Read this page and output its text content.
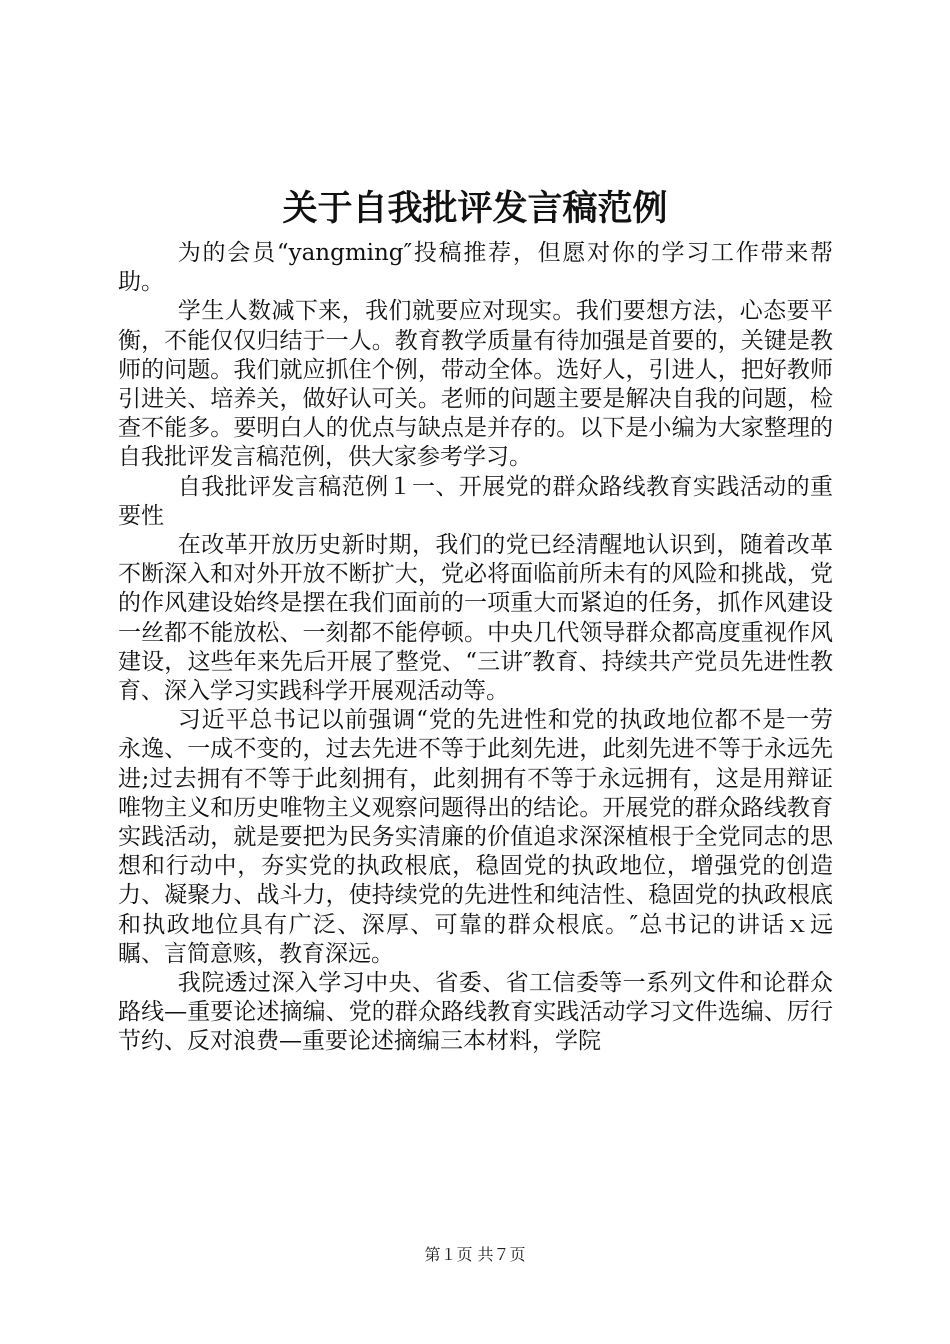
关于自我批评发言稿范例

为的会员“yangming″投稿推荐，但愿对你的学习工作带来帮助。

学生人数减下来，我们就要应对现实。我们要想方法，心态要平衡，不能仅仅归结于一人。教育教学质量有待加强是首要的，关键是教师的问题。我们就应抓住个例，带动全体。选好人，引进人，把好教师引进关、培养关，做好认可关。老师的问题主要是解决自我的问题，检查不能多。要明白人的优点与缺点是并存的。以下是小编为大家整理的自我批评发言稿范例，供大家参考学习。

自我批评发言稿范例１一、开展党的群众路线教育实践活动的重要性

在改革开放历史新时期，我们的党已经清醒地认识到，随着改革不断深入和对外开放不断扩大，党必将面临前所未有的风险和挑战，党的作风建设始终是摆在我们面前的一项重大而紧迫的任务，抓作风建设一丝都不能放松、一刻都不能停顿。中央几代领导群众都高度重视作风建设，这些年来先后开展了整党、“三讲″教育、持续共产党员先进性教育、深入学习实践科学开展观活动等。

习近平总书记以前强调“党的先进性和党的执政地位都不是一劳永逸、一成不变的，过去先进不等于此刻先进，此刻先进不等于永远先进;过去拥有不等于此刻拥有，此刻拥有不等于永远拥有，这是用辩证唯物主义和历史唯物主义观察问题得出的结论。开展党的群众路线教育实践活动，就是要把为民务实清廉的价值追求深深植根于全党同志的思想和行动中，夯实党的执政根底，稳固党的执政地位，增强党的创造力、凝聚力、战斗力，使持续党的先进性和纯洁性、稳固党的执政根底和执政地位具有广泛、深厚、可靠的群众根底。″总书记的讲话ｘ远瞩、言简意赅，教育深远。

我院透过深入学习中央、省委、省工信委等一系列文件和论群众路线—重要论述摘编、党的群众路线教育实践活动学习文件选编、厉行节约、反对浪费—重要论述摘编三本材料，学院

第１页 共７页
